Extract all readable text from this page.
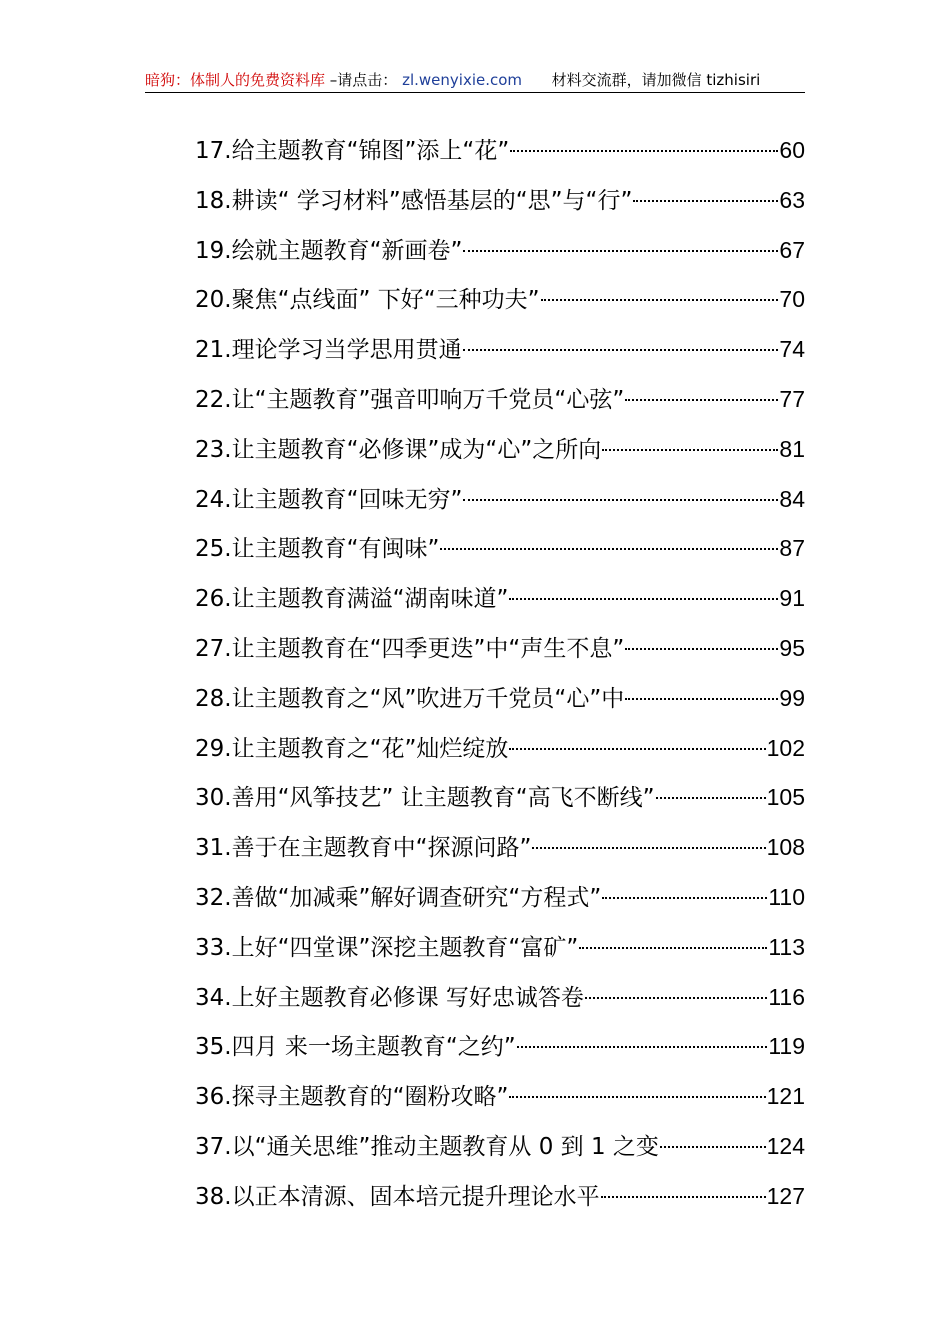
暗狗：体制人的免费资料库 –请点击： zl.wenyixie.com 材料交流群，请加微信 tizhisiri
17.给主题教育“锦图”添上“花”	60
18.耕读“ 学习材料”感悟基层的“思”与“行”	63
19.绘就主题教育“新画卷”	67
20.聚焦“点线面” 下好“三种功夫”	70
21.理论学习当学思用贯通	74
22.让“主题教育”强音叩响万千党员“心弦”	77
23.让主题教育“必修课”成为“心”之所向	81
24.让主题教育“回味无穷”	84
25.让主题教育“有闽味”	87
26.让主题教育满溢“湖南味道”	91
27.让主题教育在“四季更迭”中“声生不息”	95
28.让主题教育之“风”吹进万千党员“心”中	99
29.让主题教育之“花”灿烂绽放	102
30.善用“风筝技艺” 让主题教育“高飞不断线”	105
31.善于在主题教育中“探源问路”	108
32.善做“加减乘”解好调查研究“方程式”	110
33.上好“四堂课”深挖主题教育“富矿”	113
34.上好主题教育必修课 写好忠诚答卷	116
35.四月 来一场主题教育“之约”	119
36.探寻主题教育的“圈粉攻略”	121
37.以“通关思维”推动主题教育从 0 到 1 之变	124
38.以正本清源、固本培元提升理论水平	127
